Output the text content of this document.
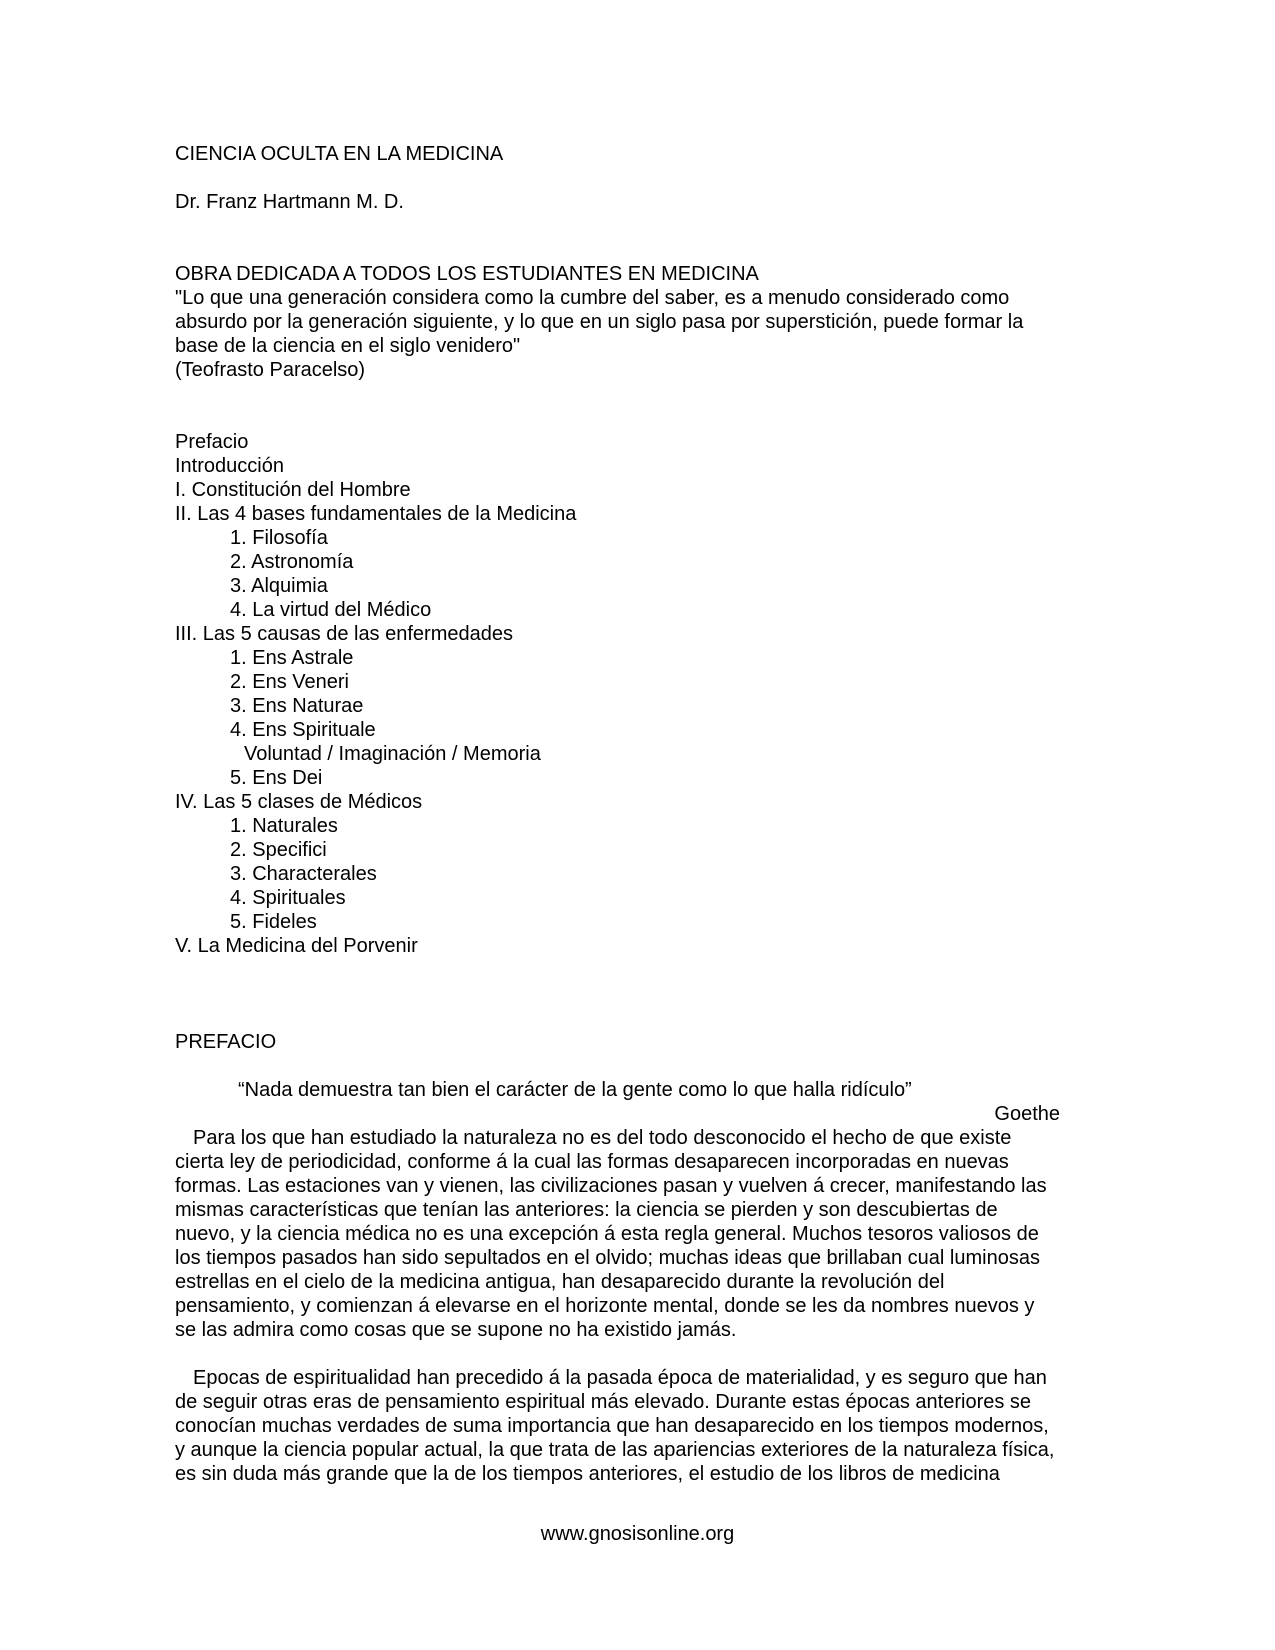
CIENCIA OCULTA EN LA MEDICINA
Dr. Franz Hartmann M. D.
OBRA DEDICADA A TODOS LOS ESTUDIANTES EN MEDICINA
"Lo que una generación considera como la cumbre del saber, es a menudo considerado como
absurdo por la generación siguiente, y lo que en un siglo pasa por superstición, puede formar la
base de la ciencia en el siglo venidero"
(Teofrasto Paracelso)
Prefacio
Introducción
I. Constitución del Hombre
II. Las 4 bases fundamentales de la Medicina
1. Filosofía
2. Astronomía
3. Alquimia
4. La virtud del Médico
III. Las 5 causas de las enfermedades
1. Ens Astrale
2. Ens Veneri
3. Ens Naturae
4. Ens Spirituale
Voluntad / Imaginación / Memoria
5. Ens Dei
IV. Las 5 clases de Médicos
1. Naturales
2. Specifici
3. Characterales
4. Spirituales
5. Fideles
V. La Medicina del Porvenir
PREFACIO
“Nada demuestra tan bien el carácter de la gente como lo que halla ridículo”
Goethe
Para los que han estudiado la naturaleza no es del todo desconocido el hecho de que existe
cierta ley de periodicidad, conforme á la cual las formas desaparecen incorporadas en nuevas
formas. Las estaciones van y vienen, las civilizaciones pasan y vuelven á crecer, manifestando las
mismas características que tenían las anteriores: la ciencia se pierden y son descubiertas de
nuevo, y la ciencia médica no es una excepción á esta regla general. Muchos tesoros valiosos de
los tiempos pasados han sido sepultados en el olvido; muchas ideas que brillaban cual luminosas
estrellas en el cielo de la medicina antigua, han desaparecido durante la revolución del
pensamiento, y comienzan á elevarse en el horizonte mental, donde se les da nombres nuevos y
se las admira como cosas que se supone no ha existido jamás.
Epocas de espiritualidad han precedido á la pasada época de materialidad, y es seguro que han
de seguir otras eras de pensamiento espiritual más elevado. Durante estas épocas anteriores se
conocían muchas verdades de suma importancia que han desaparecido en los tiempos modernos,
y aunque la ciencia popular actual, la que trata de las apariencias exteriores de la naturaleza física,
es sin duda más grande que la de los tiempos anteriores, el estudio de los libros de medicina
www.gnosisonline.org
